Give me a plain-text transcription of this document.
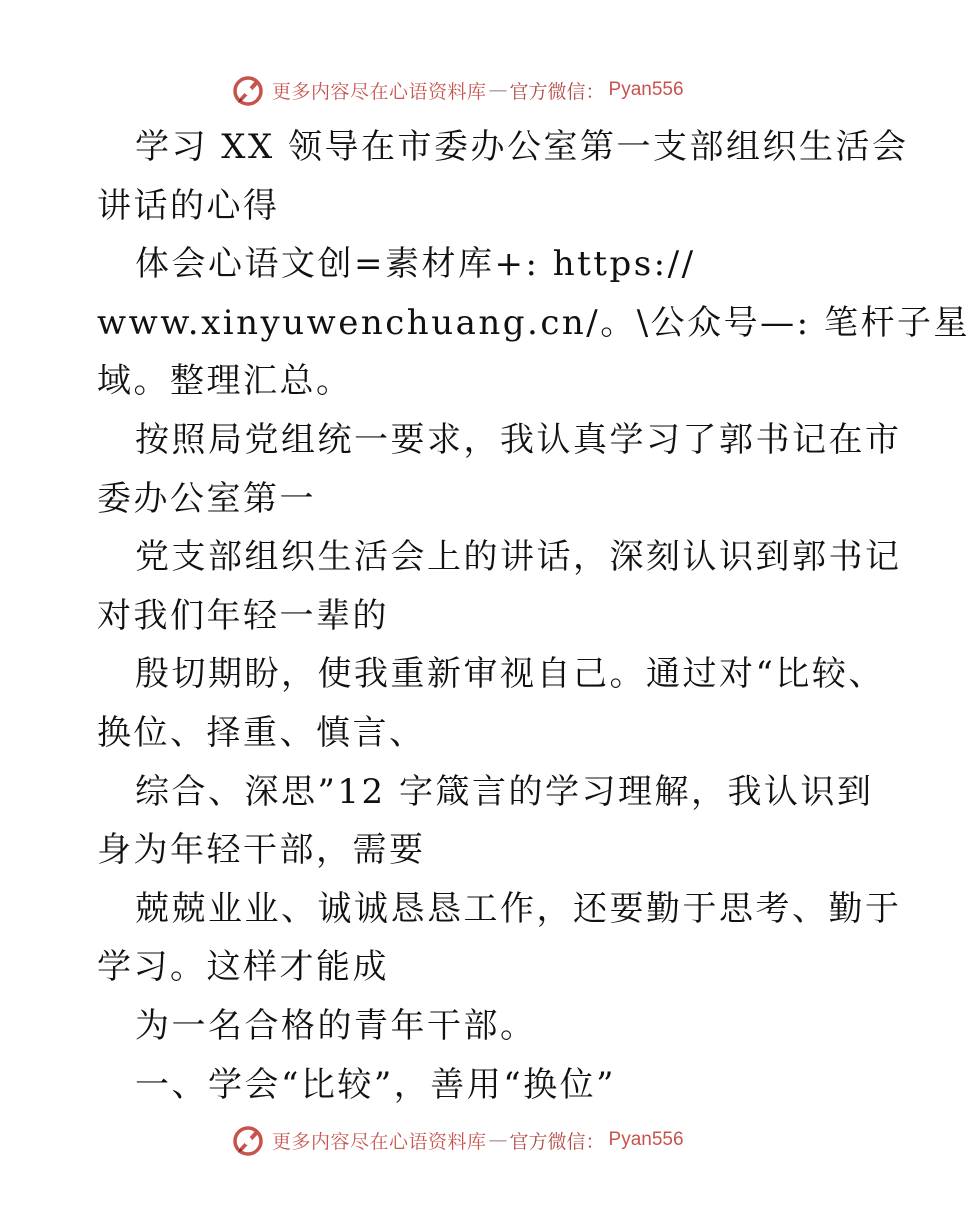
更多内容尽在心语资料库 — 官方微信： Pyan556
学习 XX 领导在市委办公室第一支部组织生活会
讲话的心得
体会心语文创=素材库+: https://
www.xinyuwenchuang.cn/。\公众号—: 笔杆子星
域。整理汇总。
按照局党组统一要求，我认真学习了郭书记在市
委办公室第一
党支部组织生活会上的讲话，深刻认识到郭书记
对我们年轻一辈的
殷切期盼，使我重新审视自己。通过对“比较、
换位、择重、慎言、
综合、深思”12 字箴言的学习理解，我认识到
身为年轻干部，需要
兢兢业业、诚诚恳恳工作，还要勤于思考、勤于
学习。这样才能成
为一名合格的青年干部。
一、学会“比较”，善用“换位”
更多内容尽在心语资料库 — 官方微信： Pyan556
